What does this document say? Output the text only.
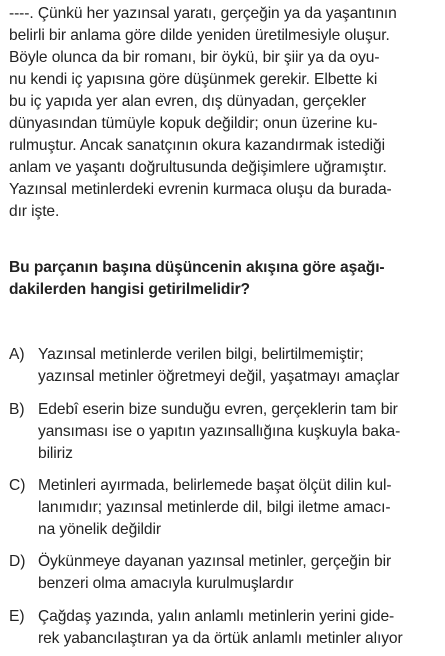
----. Çünkü her yazınsal yaratı, gerçeğin ya da yaşantının
belirli bir anlama göre dilde yeniden üretilmesiyle oluşur.
Böyle olunca da bir romanı, bir öykü, bir şiir ya da oyu-
nu kendi iç yapısına göre düşünmek gerekir. Elbette ki
bu iç yapıda yer alan evren, dış dünyadan, gerçekler
dünyasından tümüyle kopuk değildir; onun üzerine ku-
rulmuştur. Ancak sanatçının okura kazandırmak istediği
anlam ve yaşantı doğrultusunda değişimlere uğramıştır.
Yazınsal metinlerdeki evrenin kurmaca oluşu da burada-
dır işte.
Bu parçanın başına düşüncenin akışına göre aşağı-
dakilerden hangisi getirilmelidir?
A) Yazınsal metinlerde verilen bilgi, belirtilmemiştir;
yazınsal metinler öğretmeyi değil, yaşatmayı amaçlar
B) Edebî eserin bize sunduğu evren, gerçeklerin tam bir
yansıması ise o yapıtın yazınsallığına kuşkuyla baka-
biliriz
C) Metinleri ayırmada, belirlemede başat ölçüt dilin kul-
lanımıdır; yazınsal metinlerde dil, bilgi iletme amacı-
na yönelik değildir
D) Öykünmeye dayanan yazınsal metinler, gerçeğin bir
benzeri olma amacıyla kurulmuşlardır
E) Çağdaş yazında, yalın anlamlı metinlerin yerini gide-
rek yabancılaştıran ya da örtük anlamlı metinler alıyor
